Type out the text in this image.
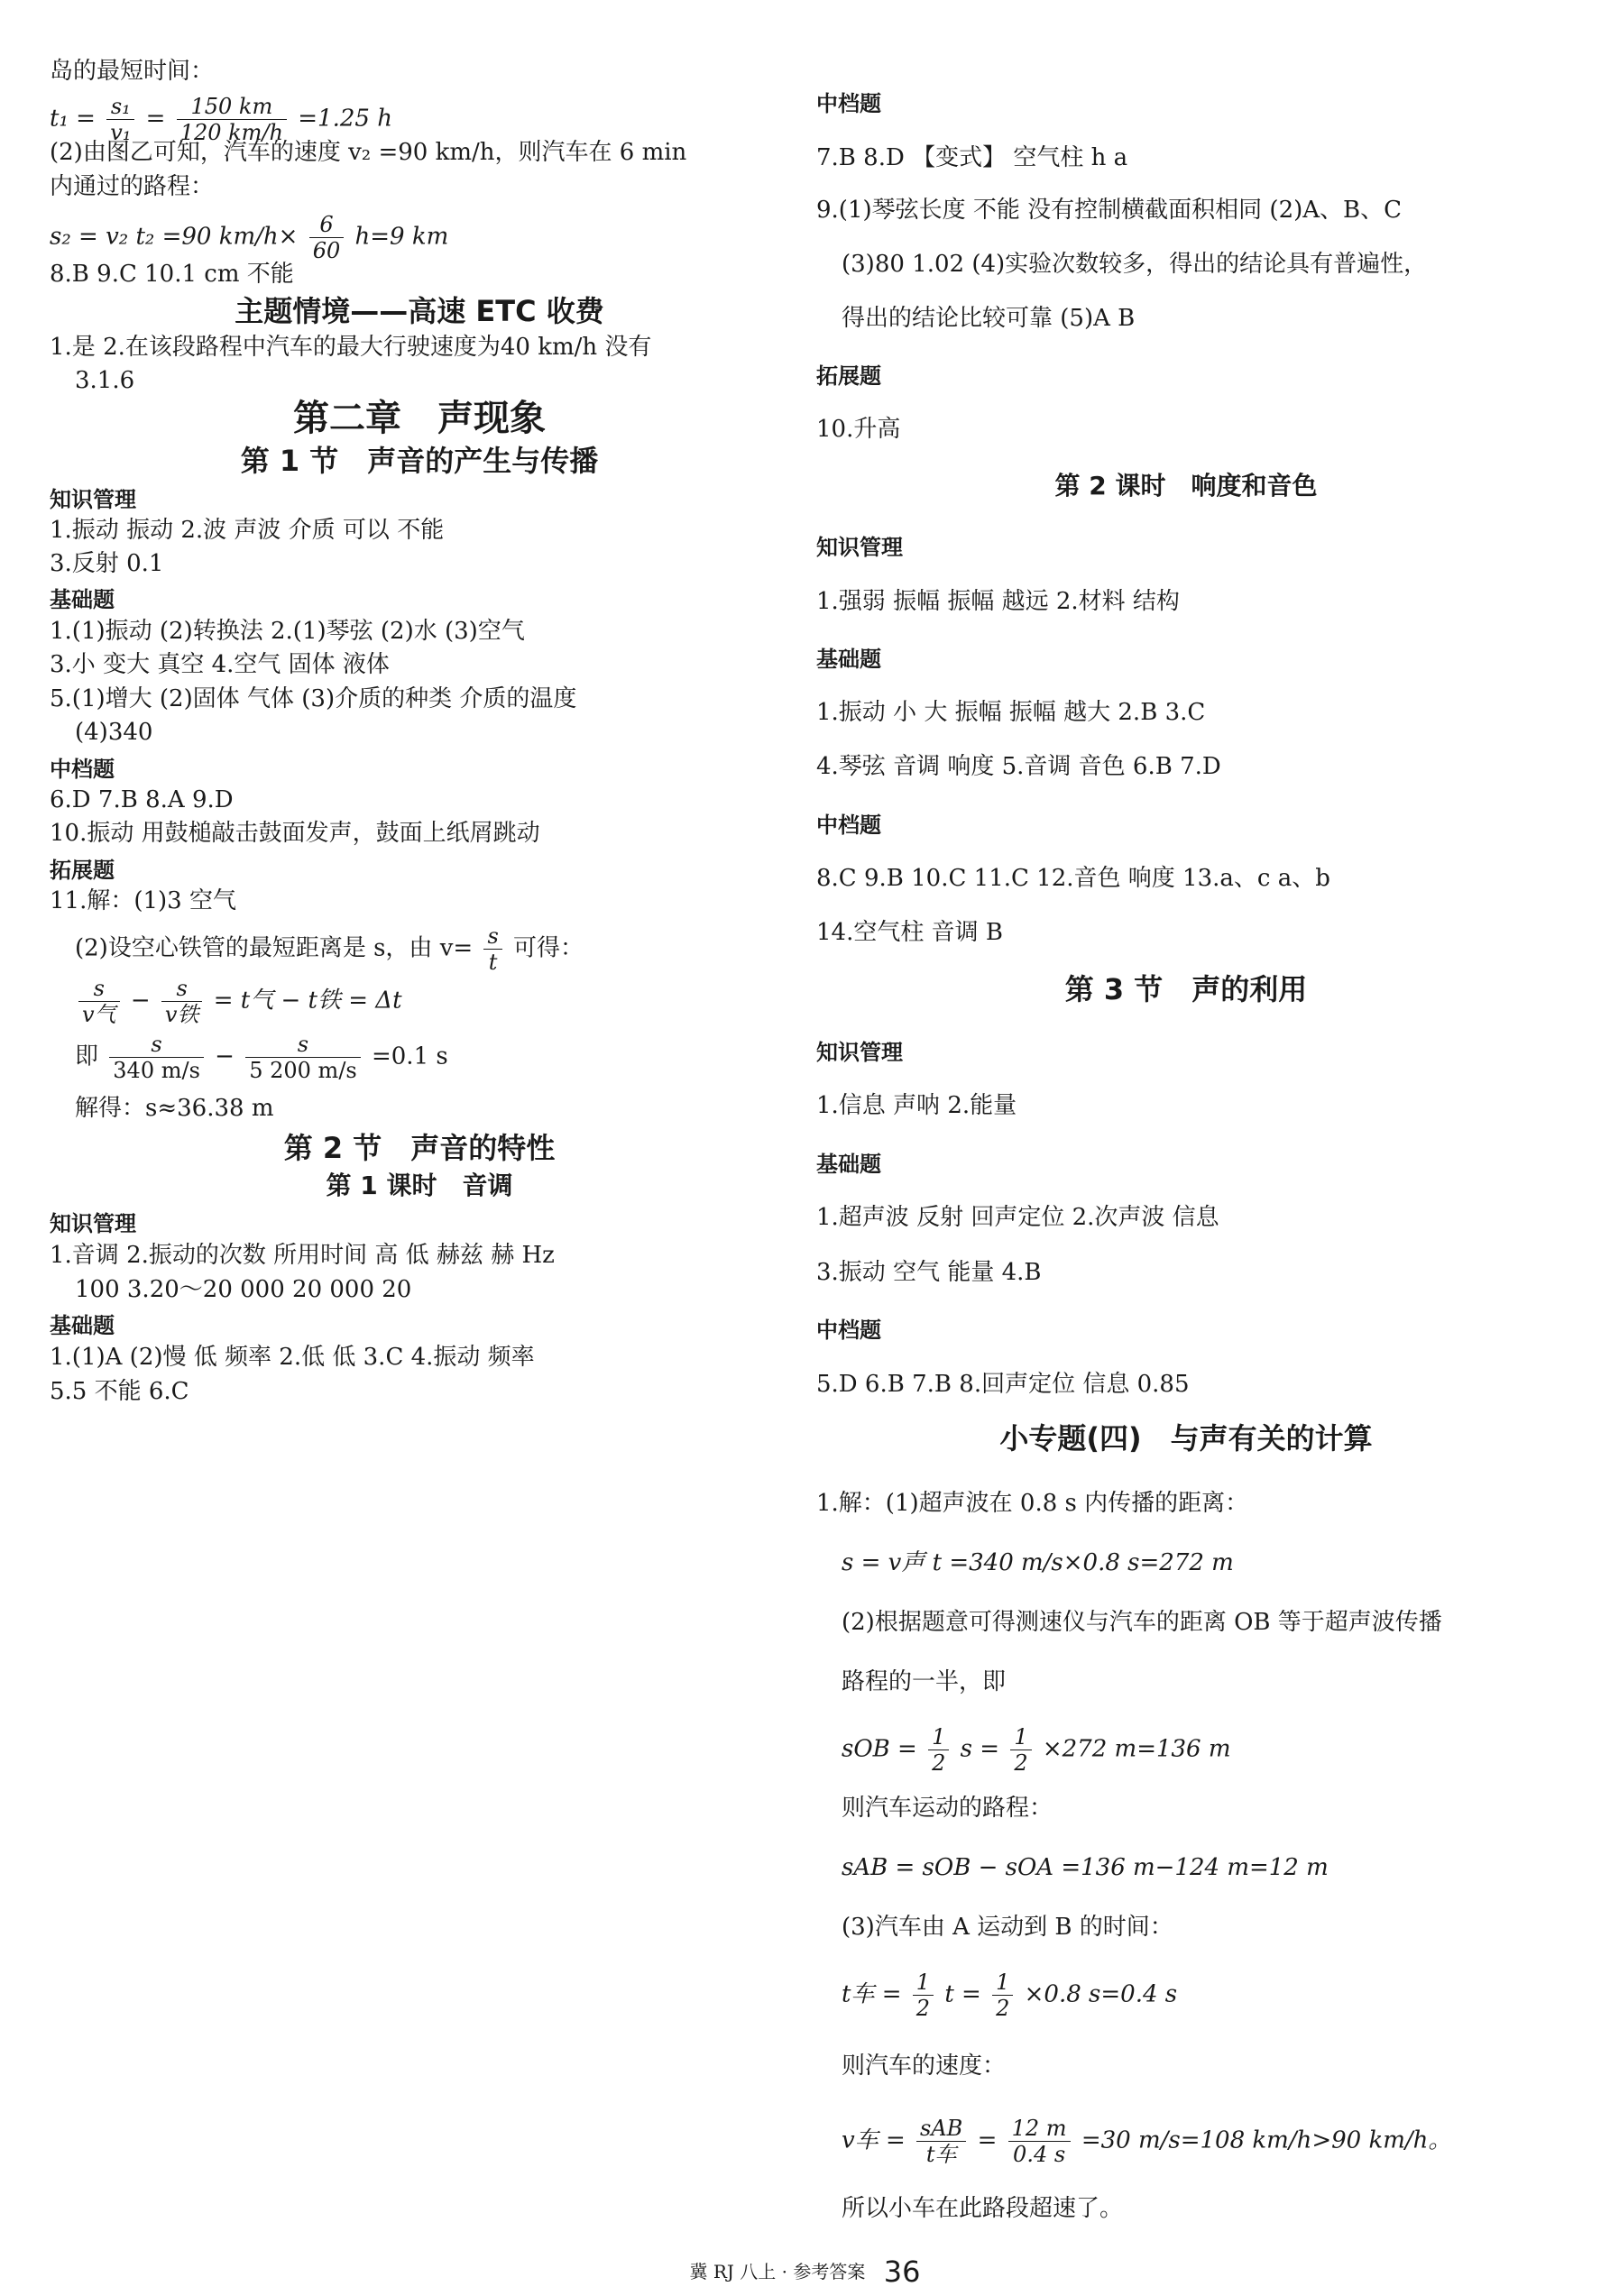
岛的最短时间：
$t_1 = \frac{\text{s₁}}{\text{v₁}} = \frac{150 km}{120 km/h} =1.25$ h
(2)由图乙可知，汽车的速度 v₂ =90 km/h，则汽车在 6 min
内通过的路程：
s₂ = v₂ t₂ =90 $km/h\times \frac{6}{60} h=9$ km
8.B 9.C 10.1 cm 不能
主题情境——高速 ETC 收费
1.是 2.在该段路程中汽车的最大行驶速度为40 km/h 没有
3.1.6
第二章　声现象
第 1 节　声音的产生与传播
知识管理
1.振动 振动 2.波 声波 介质 可以 不能
3.反射 0.1
基础题
1.(1)振动 (2)转换法 2.(1)琴弦 (2)水 (3)空气
3.小 变大 真空 4.空气 固体 液体
5.(1)增大 (2)固体 气体 (3)介质的种类 介质的温度
(4)340
中档题
6.D 7.B 8.A 9.D
10.振动 用鼓槌敲击鼓面发声，鼓面上纸屑跳动
拓展题
11.解：(1)3 空气
(2)设空心铁管的最短距离是 s，由 $v= \frac{s}{t}$ 可得：
$\frac{s}{\text{v气}} - \frac{s}{\text{v铁}} = t$气 − t铁 = Δt
即 $\frac{s}{340 m/s} - \frac{s}{5 200 m/s} =0.1$ s
解得：s≈36.38 m
第 2 节　声音的特性
第 1 课时　音调
知识管理
1.音调 2.振动的次数 所用时间 高 低 赫兹 赫 Hz
100 3.20～20 000 20 000 20
基础题
1.(1)A (2)慢 低 频率 2.低 低 3.C 4.振动 频率
5.5 不能 6.C
中档题
7.B 8.D 【变式】 空气柱 h a
9.(1)琴弦长度 不能 没有控制横截面积相同 (2)A、B、C
(3)80 1.02 (4)实验次数较多，得出的结论具有普遍性，
得出的结论比较可靠 (5)A B
拓展题
10.升高
第 2 课时　响度和音色
知识管理
1.强弱 振幅 振幅 越远 2.材料 结构
基础题
1.振动 小 大 振幅 振幅 越大 2.B 3.C
4.琴弦 音调 响度 5.音调 音色 6.B 7.D
中档题
8.C 9.B 10.C 11.C 12.音色 响度 13.a、c a、b
14.空气柱 音调 B
第 3 节　声的利用
知识管理
1.信息 声呐 2.能量
基础题
1.超声波 反射 回声定位 2.次声波 信息
3.振动 空气 能量 4.B
中档题
5.D 6.B 7.B 8.回声定位 信息 0.85
小专题(四)　与声有关的计算
1.解：(1)超声波在 0.8 s 内传播的距离：
s = v声 t =340 m/s×0.8 s=272 m
(2)根据题意可得测速仪与汽车的距离 OB 等于超声波传播
路程的一半，即
sOB = $\frac{1}{2}$ $s = \frac{1}{2} \times 272$ m=136 m
则汽车运动的路程：
sAB = sOB − sOA =136 m−124 m=12 m
(3)汽车由 A 运动到 B 的时间：
t车 = $\frac{1}{2}$ $t = \frac{1}{2} \times 0.8$ s=0.4 s
则汽车的速度：
v车 = $\frac{\text{sAB}}{\text{t车}} = \frac{12 m}{0.4 s} =30$ m/s=108 km/h>90 km/h。
所以小车在此路段超速了。
冀 RJ 八上 · 参考答案 36
